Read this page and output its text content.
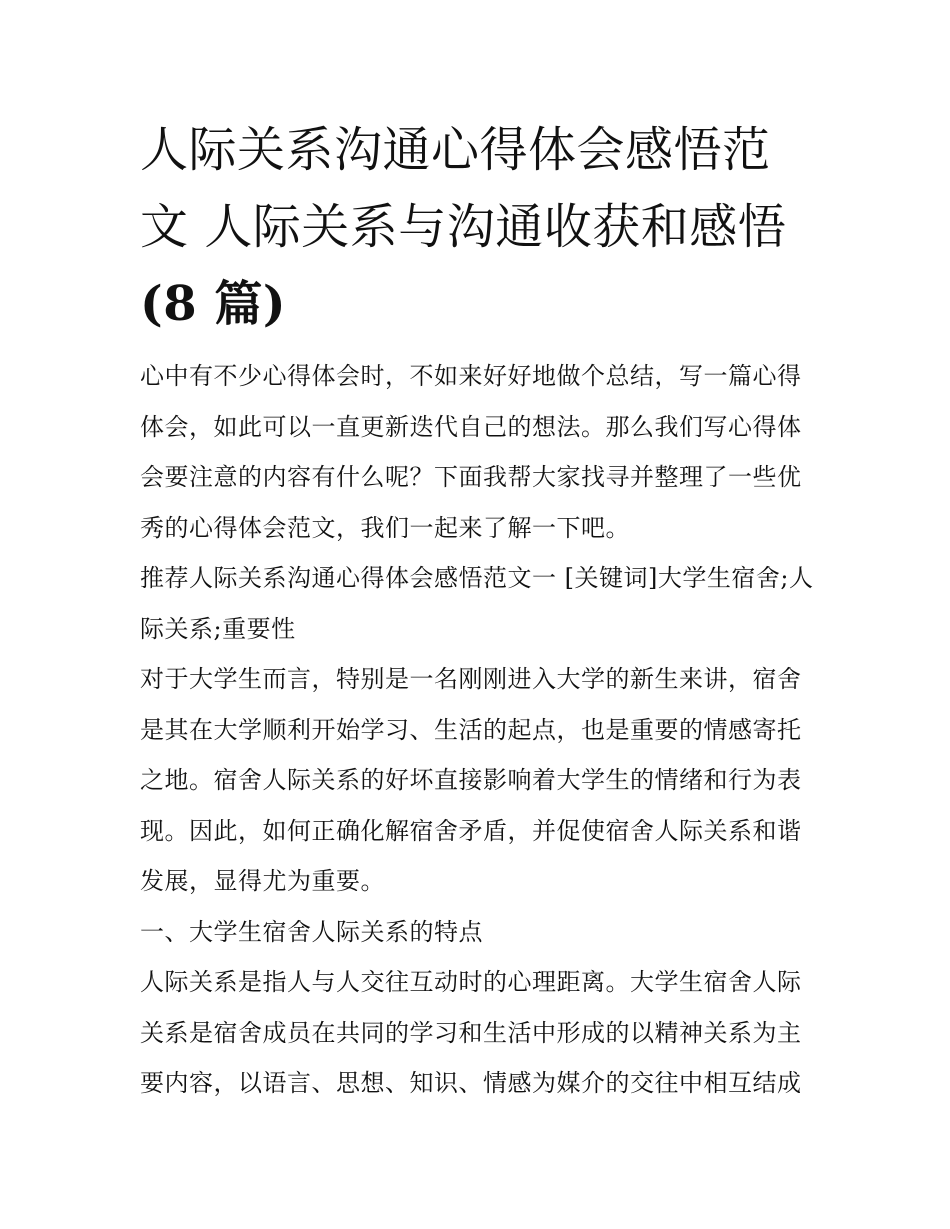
人际关系沟通心得体会感悟范
文 人际关系与沟通收获和感悟
(8 篇)

心中有不少心得体会时，不如来好好地做个总结，写一篇心得体会，如此可以一直更新迭代自己的想法。那么我们写心得体会要注意的内容有什么呢？下面我帮大家找寻并整理了一些优秀的心得体会范文，我们一起来了解一下吧。

推荐人际关系沟通心得体会感悟范文一 [关键词]大学生宿舍;人际关系;重要性

对于大学生而言，特别是一名刚刚进入大学的新生来讲，宿舍是其在大学顺利开始学习、生活的起点，也是重要的情感寄托之地。宿舍人际关系的好坏直接影响着大学生的情绪和行为表现。因此，如何正确化解宿舍矛盾，并促使宿舍人际关系和谐发展，显得尤为重要。

一、大学生宿舍人际关系的特点

人际关系是指人与人交往互动时的心理距离。大学生宿舍人际关系是宿舍成员在共同的学习和生活中形成的以精神关系为主要内容，以语言、思想、知识、情感为媒介的交往中相互结成
